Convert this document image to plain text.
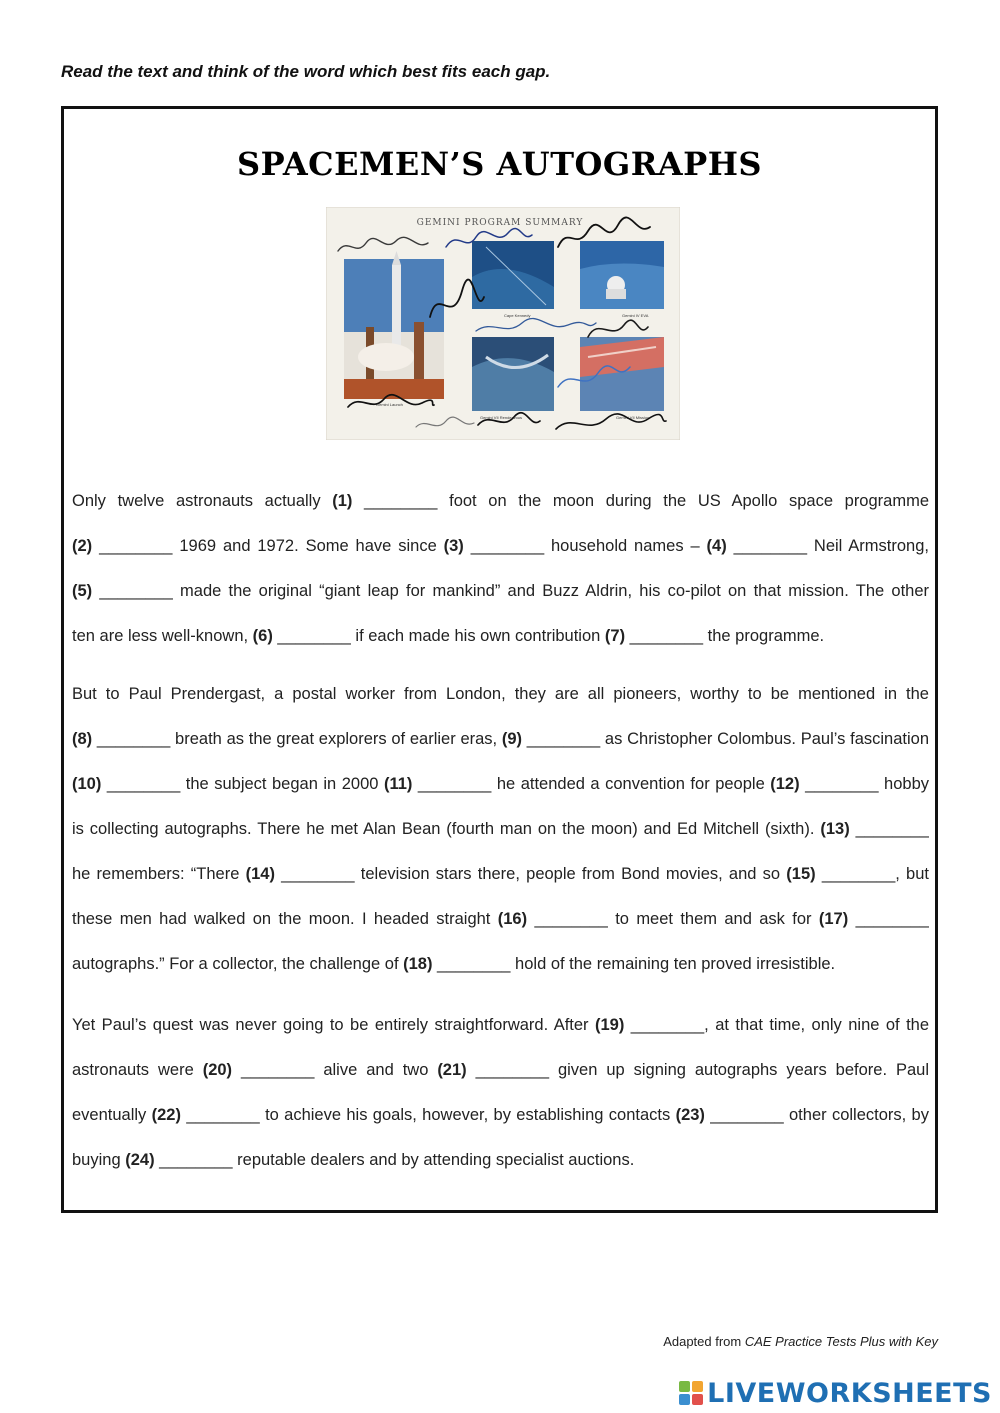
Read the text and think of the word which best fits each gap.
SPACEMEN’S AUTOGRAPHS
GEMINI PROGRAM SUMMARY
Gemini Launch
Cape Kennedy	Gemini IV EVA
Gemini VII Rendezvous	Gemini VII Mission
Only twelve astronauts actually (1) ________ foot on the moon during the US Apollo space programme
(2) ________ 1969 and 1972. Some have since (3) ________ household names – (4) ________ Neil Armstrong,
(5) ________ made the original “giant leap for mankind” and Buzz Aldrin, his co-pilot on that mission. The other
ten are less well-known, (6) ________ if each made his own contribution (7) ________ the programme.
But to Paul Prendergast, a postal worker from London, they are all pioneers, worthy to be mentioned in the
(8) ________ breath as the great explorers of earlier eras, (9) ________ as Christopher Colombus. Paul’s fascination
(10) ________ the subject began in 2000 (11) ________ he attended a convention for people (12) ________ hobby
is collecting autographs. There he met Alan Bean (fourth man on the moon) and Ed Mitchell (sixth). (13) ________
he remembers: “There (14) ________ television stars there, people from Bond movies, and so (15) ________, but
these men had walked on the moon. I headed straight (16) ________ to meet them and ask for (17) ________
autographs.” For a collector, the challenge of (18) ________ hold of the remaining ten proved irresistible.
Yet Paul’s quest was never going to be entirely straightforward. After (19) ________, at that time, only nine of the
astronauts were (20) ________ alive and two (21) ________ given up signing autographs years before. Paul
eventually (22) ________ to achieve his goals, however, by establishing contacts (23) ________ other collectors, by
buying (24) ________ reputable dealers and by attending specialist auctions.
Adapted from CAE Practice Tests Plus with Key
LIVEWORKSHEETS
